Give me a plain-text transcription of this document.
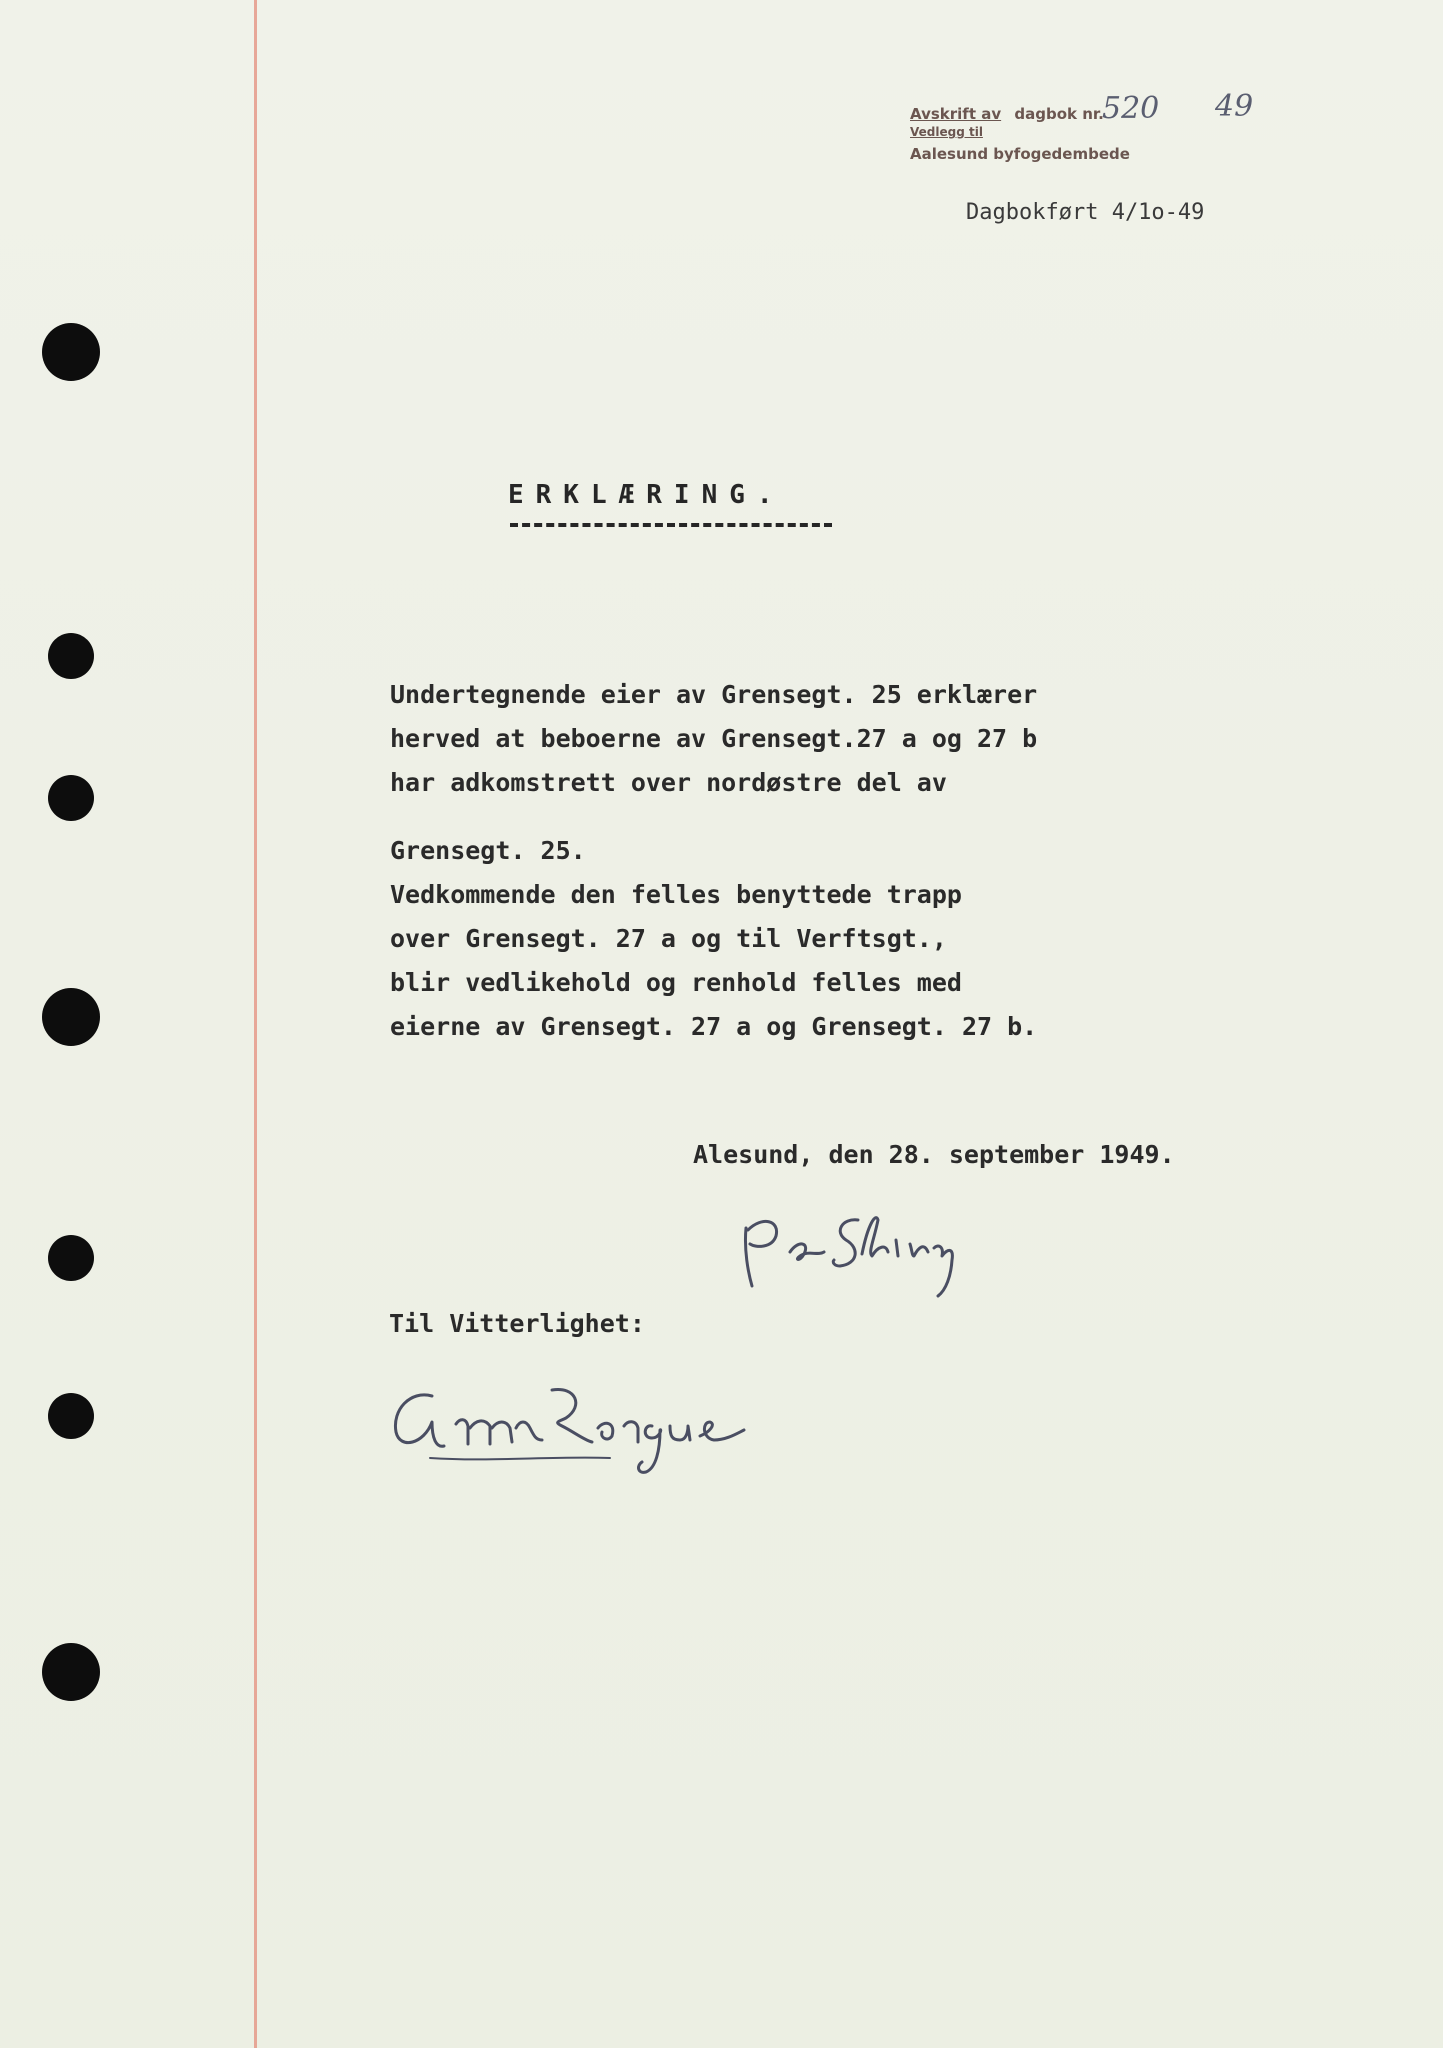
Avskrift av dagbok nr.
Vedlegg til
520 49
Aalesund byfogedembede
Dagbokført 4/1o-49
ERKLÆRING.
Undertegnende eier av Grensegt. 25 erklærer
herved at beboerne av Grensegt.27 a og 27 b
har adkomstrett over nordøstre del av
Grensegt. 25.
Vedkommende den felles benyttede trapp
over Grensegt. 27 a og til Verftsgt.,
blir vedlikehold og renhold felles med
eierne av Grensegt. 27 a og Grensegt. 27 b.
Alesund, den 28. september 1949.
Til Vitterlighet:
